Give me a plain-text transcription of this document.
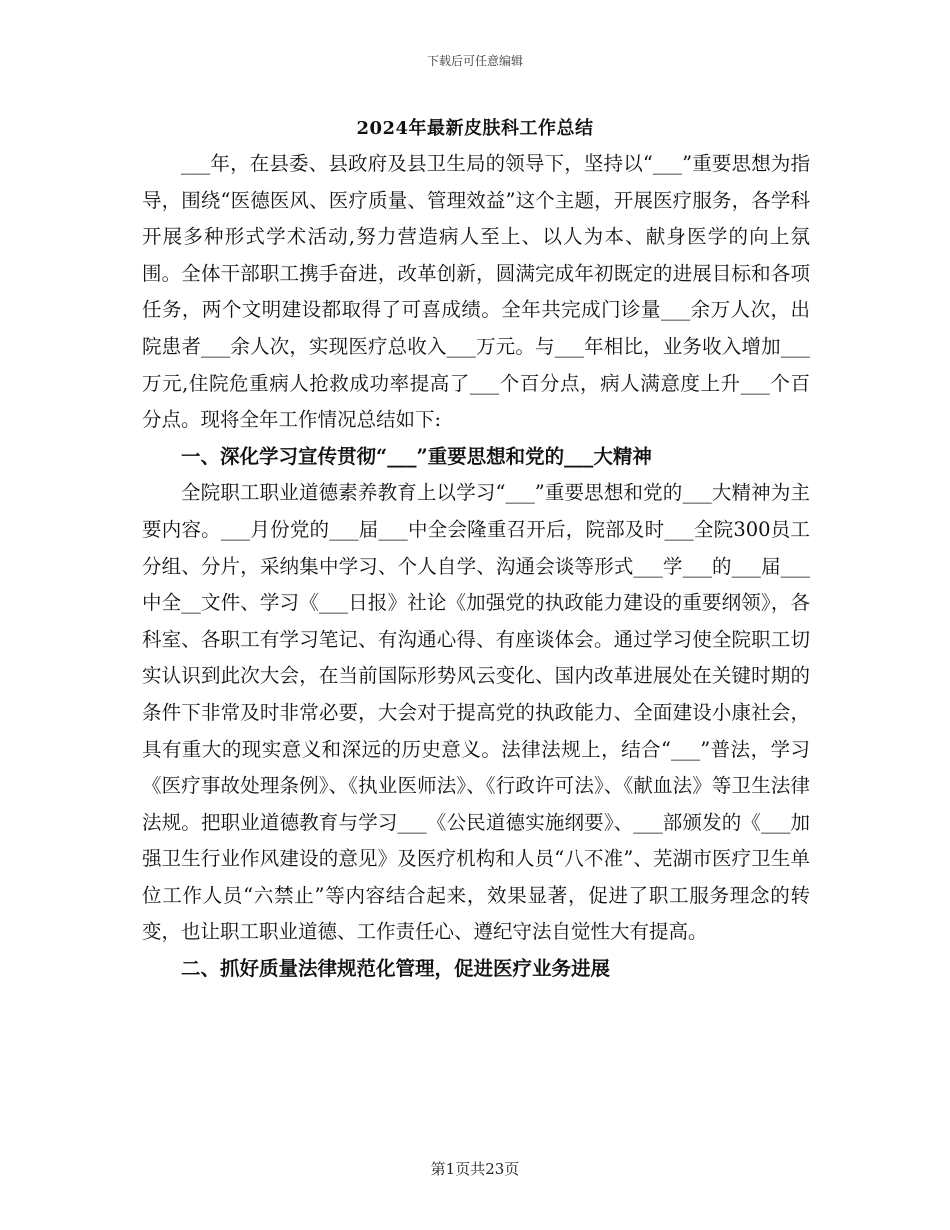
下载后可任意编辑
2024年最新皮肤科工作总结

___年，在县委、县政府及县卫生局的领导下，坚持以“___”重要思想为指导，围绕“医德医风、医疗质量、管理效益”这个主题，开展医疗服务，各学科开展多种形式学术活动,努力营造病人至上、以人为本、献身医学的向上氛围。全体干部职工携手奋进，改革创新，圆满完成年初既定的进展目标和各项任务，两个文明建设都取得了可喜成绩。全年共完成门诊量___余万人次，出院患者___余人次，实现医疗总收入___万元。与___年相比，业务收入增加___万元,住院危重病人抢救成功率提高了___个百分点，病人满意度上升___个百分点。现将全年工作情况总结如下:

一、深化学习宣传贯彻“___”重要思想和党的___大精神

全院职工职业道德素养教育上以学习“___”重要思想和党的___大精神为主要内容。___月份党的___届___中全会隆重召开后，院部及时___全院300员工分组、分片，采纳集中学习、个人自学、沟通会谈等形式___学___的___届___中全__文件、学习《___日报》社论《加强党的执政能力建设的重要纲领》，各科室、各职工有学习笔记、有沟通心得、有座谈体会。通过学习使全院职工切实认识到此次大会，在当前国际形势风云变化、国内改革进展处在关键时期的条件下非常及时非常必要，大会对于提高党的执政能力、全面建设小康社会，具有重大的现实意义和深远的历史意义。法律法规上，结合“___”普法，学习《医疗事故处理条例》、《执业医师法》、《行政许可法》、《献血法》等卫生法律法规。把职业道德教育与学习___《公民道德实施纲要》、___部颁发的《___加强卫生行业作风建设的意见》及医疗机构和人员“八不准”、芜湖市医疗卫生单位工作人员“六禁止”等内容结合起来，效果显著，促进了职工服务理念的转变，也让职工职业道德、工作责任心、遵纪守法自觉性大有提高。

二、抓好质量法律规范化管理，促进医疗业务进展

第1页共23页
